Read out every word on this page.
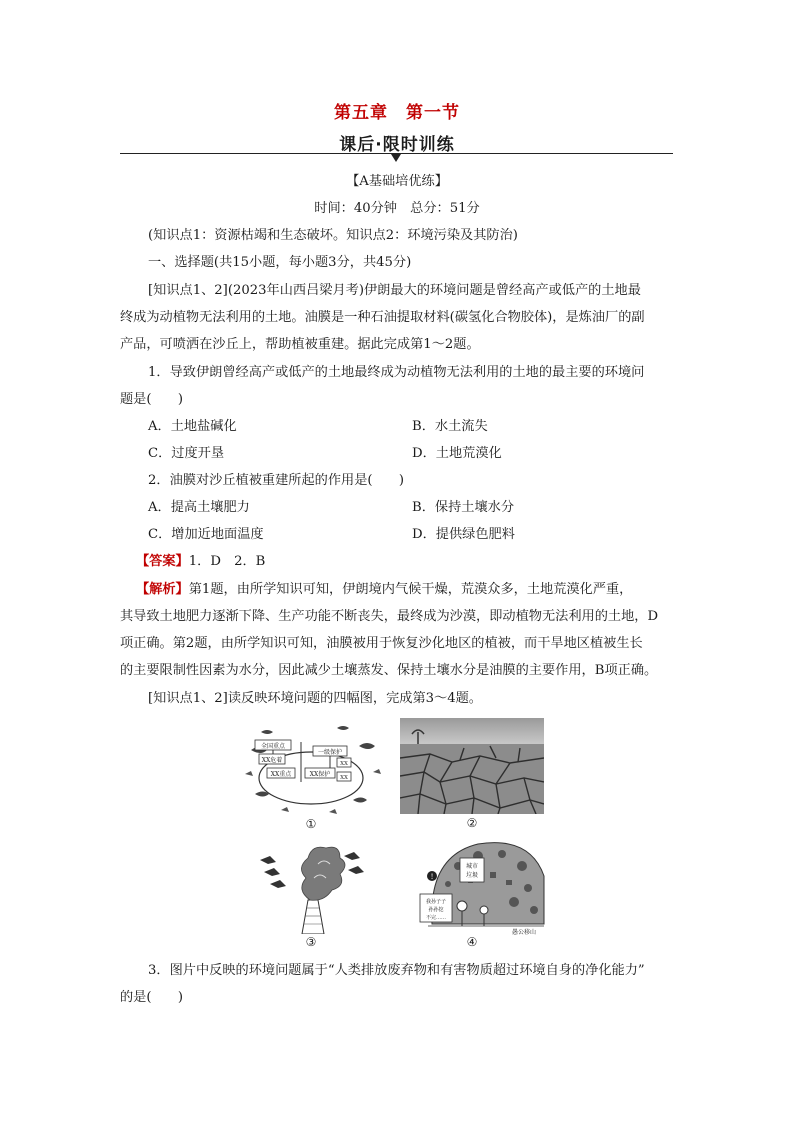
第五章　第一节
课后·限时训练
【A基础培优练】
时间：40分钟　总分：51分
(知识点1：资源枯竭和生态破坏。知识点2：环境污染及其防治)
一、选择题(共15小题，每小题3分，共45分)
[知识点1、2](2023年山西吕梁月考)伊朗最大的环境问题是曾经高产或低产的土地最
终成为动植物无法利用的土地。油膜是一种石油提取材料(碳氢化合物胶体)，是炼油厂的副
产品，可喷洒在沙丘上，帮助植被重建。据此完成第1～2题。
1．导致伊朗曾经高产或低产的土地最终成为动植物无法利用的土地的最主要的环境问
题是(　　)
A．土地盐碱化	B．水土流失
C．过度开垦	D．土地荒漠化
2．油膜对沙丘植被重建所起的作用是(　　)
A．提高土壤肥力	B．保持土壤水分
C．增加近地面温度	D．提供绿色肥料
【答案】1．D　2．B
【解析】第1题，由所学知识可知，伊朗境内气候干燥，荒漠众多，土地荒漠化严重，
其导致土地肥力逐渐下降、生产功能不断丧失，最终成为沙漠，即动植物无法利用的土地，D
项正确。第2题，由所学知识可知，油膜被用于恢复沙化地区的植被，而干旱地区植被生长
的主要限制性因素为水分，因此减少土壤蒸发、保持土壤水分是油膜的主要作用，B项正确。
[知识点1、2]读反映环境问题的四幅图，完成第3～4题。
全国重点
一级保护
XX危着
XX重点	XX保护
XX
XX
①	②
③
城市
垃圾
我孙子子
孙孙挖
不完……
!
愚公移山
④
3．图片中反映的环境问题属于“人类排放废弃物和有害物质超过环境自身的净化能力”
的是(　　)
